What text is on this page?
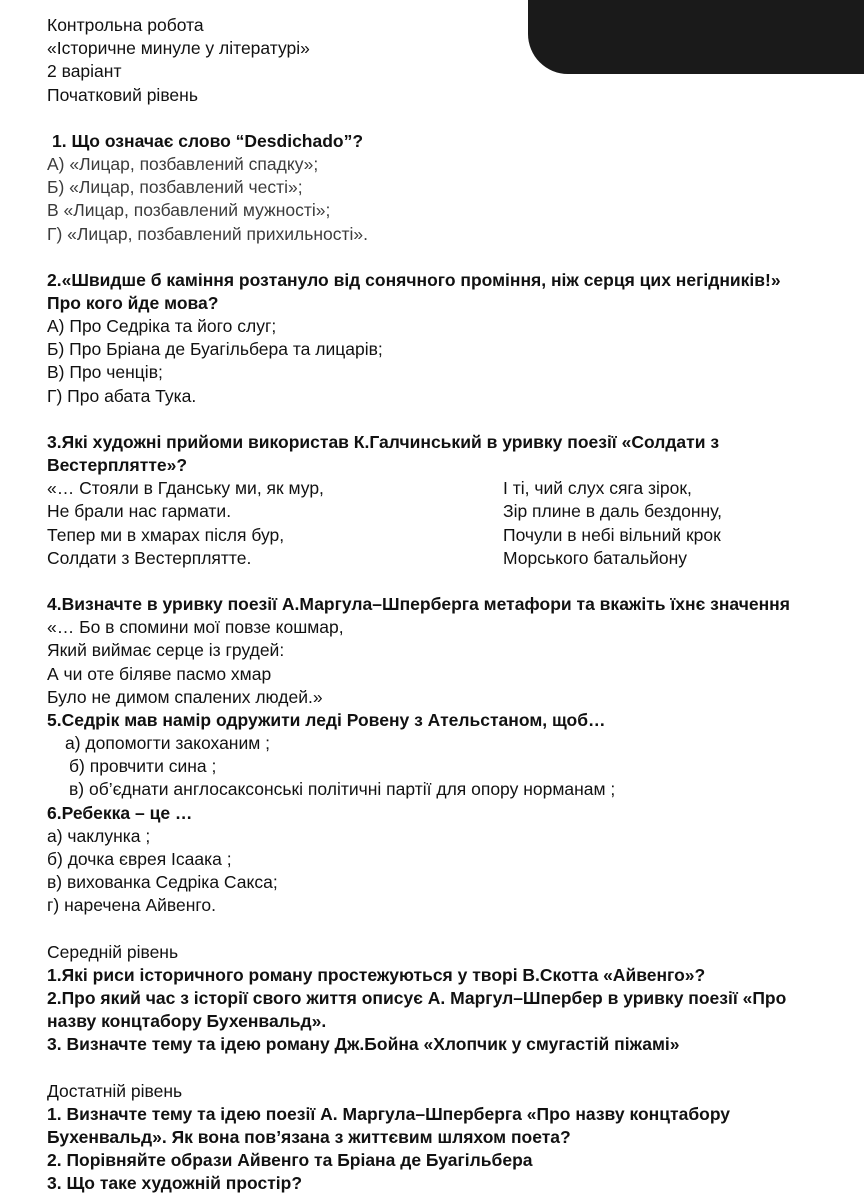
Контрольна робота
«Історичне минуле у літературі»
2 варіант
Початковий рівень
1. Що означає слово “Desdichado”?
А) «Лицар, позбавлений спадку»;
Б) «Лицар, позбавлений честі»;
В «Лицар, позбавлений мужності»;
Г) «Лицар, позбавлений прихильності».
2.«Швидше б каміння розтануло від сонячного проміння, ніж серця цих негідників!»
Про кого йде мова?
А) Про Седріка та його слуг;
Б) Про Бріана де Буагільбера та лицарів;
В) Про ченців;
Г) Про абата Тука.
3.Які художні прийоми використав К.Галчинський в уривку поезії «Солдати з
Вестерплятте»?
«… Стояли в Гданську ми, як мур,
Не брали нас гармати.
Тепер ми в хмарах після бур,
Солдати з Вестерплятте.
І ті, чий слух сяга зірок,
Зір плине в даль бездонну,
Почули в небі вільний крок
Морського батальйону
4.Визначте в уривку поезії А.Маргула–Шперберга метафори та вкажіть їхнє значення
«… Бо в спомини мої повзе кошмар,
Який виймає серце із грудей:
А чи оте біляве пасмо хмар
Було не димом спалених людей.»
5.Седрік мав намір одружити леді Ровену з Ательстаном, щоб…
а) допомогти закоханим ;
б) провчити сина ;
в) об’єднати англосаксонські політичні партії для опору норманам ;
6.Ребекка – це …
а) чаклунка ;
б) дочка єврея Ісаака ;
в) вихованка Седріка Сакса;
г) наречена Айвенго.
Середній рівень
1.Які риси історичного роману простежуються у творі В.Скотта «Айвенго»?
2.Про який час з історії свого життя описує А. Маргул–Шпербер в уривку поезії «Про
назву концтабору Бухенвальд».
3. Визначте тему та ідею роману Дж.Бойна «Хлопчик у смугастій піжамі»
Достатній рівень
1. Визначте тему та ідею поезії А. Маргула–Шперберга «Про назву концтабору
Бухенвальд». Як вона пов’язана з життєвим шляхом поета?
2. Порівняйте образи Айвенго та Бріана де Буагільбера
3. Що таке художній простір?
